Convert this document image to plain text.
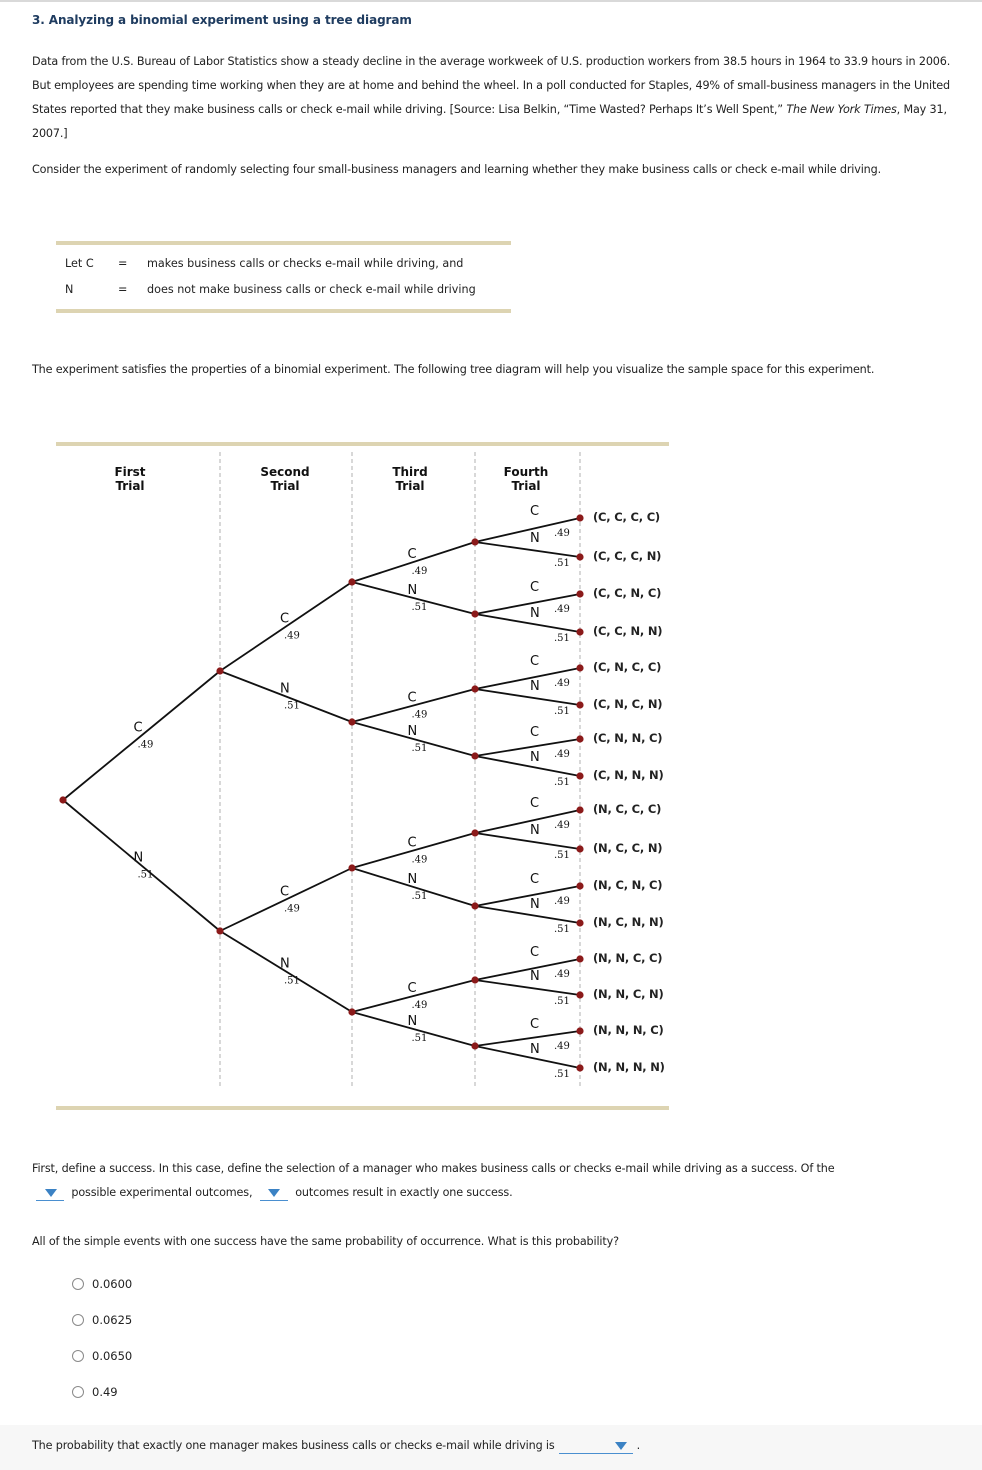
3. Analyzing a binomial experiment using a tree diagram
Data from the U.S. Bureau of Labor Statistics show a steady decline in the average workweek of U.S. production workers from 38.5 hours in 1964 to 33.9 hours in 2006. But employees are spending time working when they are at home and behind the wheel. In a poll conducted for Staples, 49% of small-business managers in the United States reported that they make business calls or check e-mail while driving. [Source: Lisa Belkin, “Time Wasted? Perhaps It’s Well Spent,” The New York Times, May 31, 2007.]
Consider the experiment of randomly selecting four small-business managers and learning whether they make business calls or check e-mail while driving.
Let C	= makes business calls or checks e-mail while driving, and
N	= does not make business calls or check e-mail while driving
The experiment satisfies the properties of a binomial experiment. The following tree diagram will help you visualize the sample space for this experiment.
First
Trial
Second
Trial
Third
Trial
Fourth
Trial
C
.49
N
.51
C
.49
N
.51
C
.49
N
.51
C
.49
N
.51
C
.49
N
.51
C
.49
N
.51
C
.49
N
.51
C
.49
N
.51
C
.49
N
.51
C
.49
N
.51
C
.49
N
.51
C
.49
N
.51
C
.49
N
.51
C
.49
N
.51
C
.49
N
.51
(C, C, C, C)
(C, C, C, N)
(C, C, N, C)
(C, C, N, N)
(C, N, C, C)
(C, N, C, N)
(C, N, N, C)
(C, N, N, N)
(N, C, C, C)
(N, C, C, N)
(N, C, N, C)
(N, C, N, N)
(N, N, C, C)
(N, N, C, N)
(N, N, N, C)
(N, N, N, N)
First, define a success. In this case, define the selection of a manager who makes business calls or checks e-mail while driving as a success. Of the

possible experimental outcomes,	outcomes result in exactly one success.
All of the simple events with one success have the same probability of occurrence. What is this probability?
0.0600
0.0625
0.0650
0.49
The probability that exactly one manager makes business calls or checks e-mail while driving is	.
